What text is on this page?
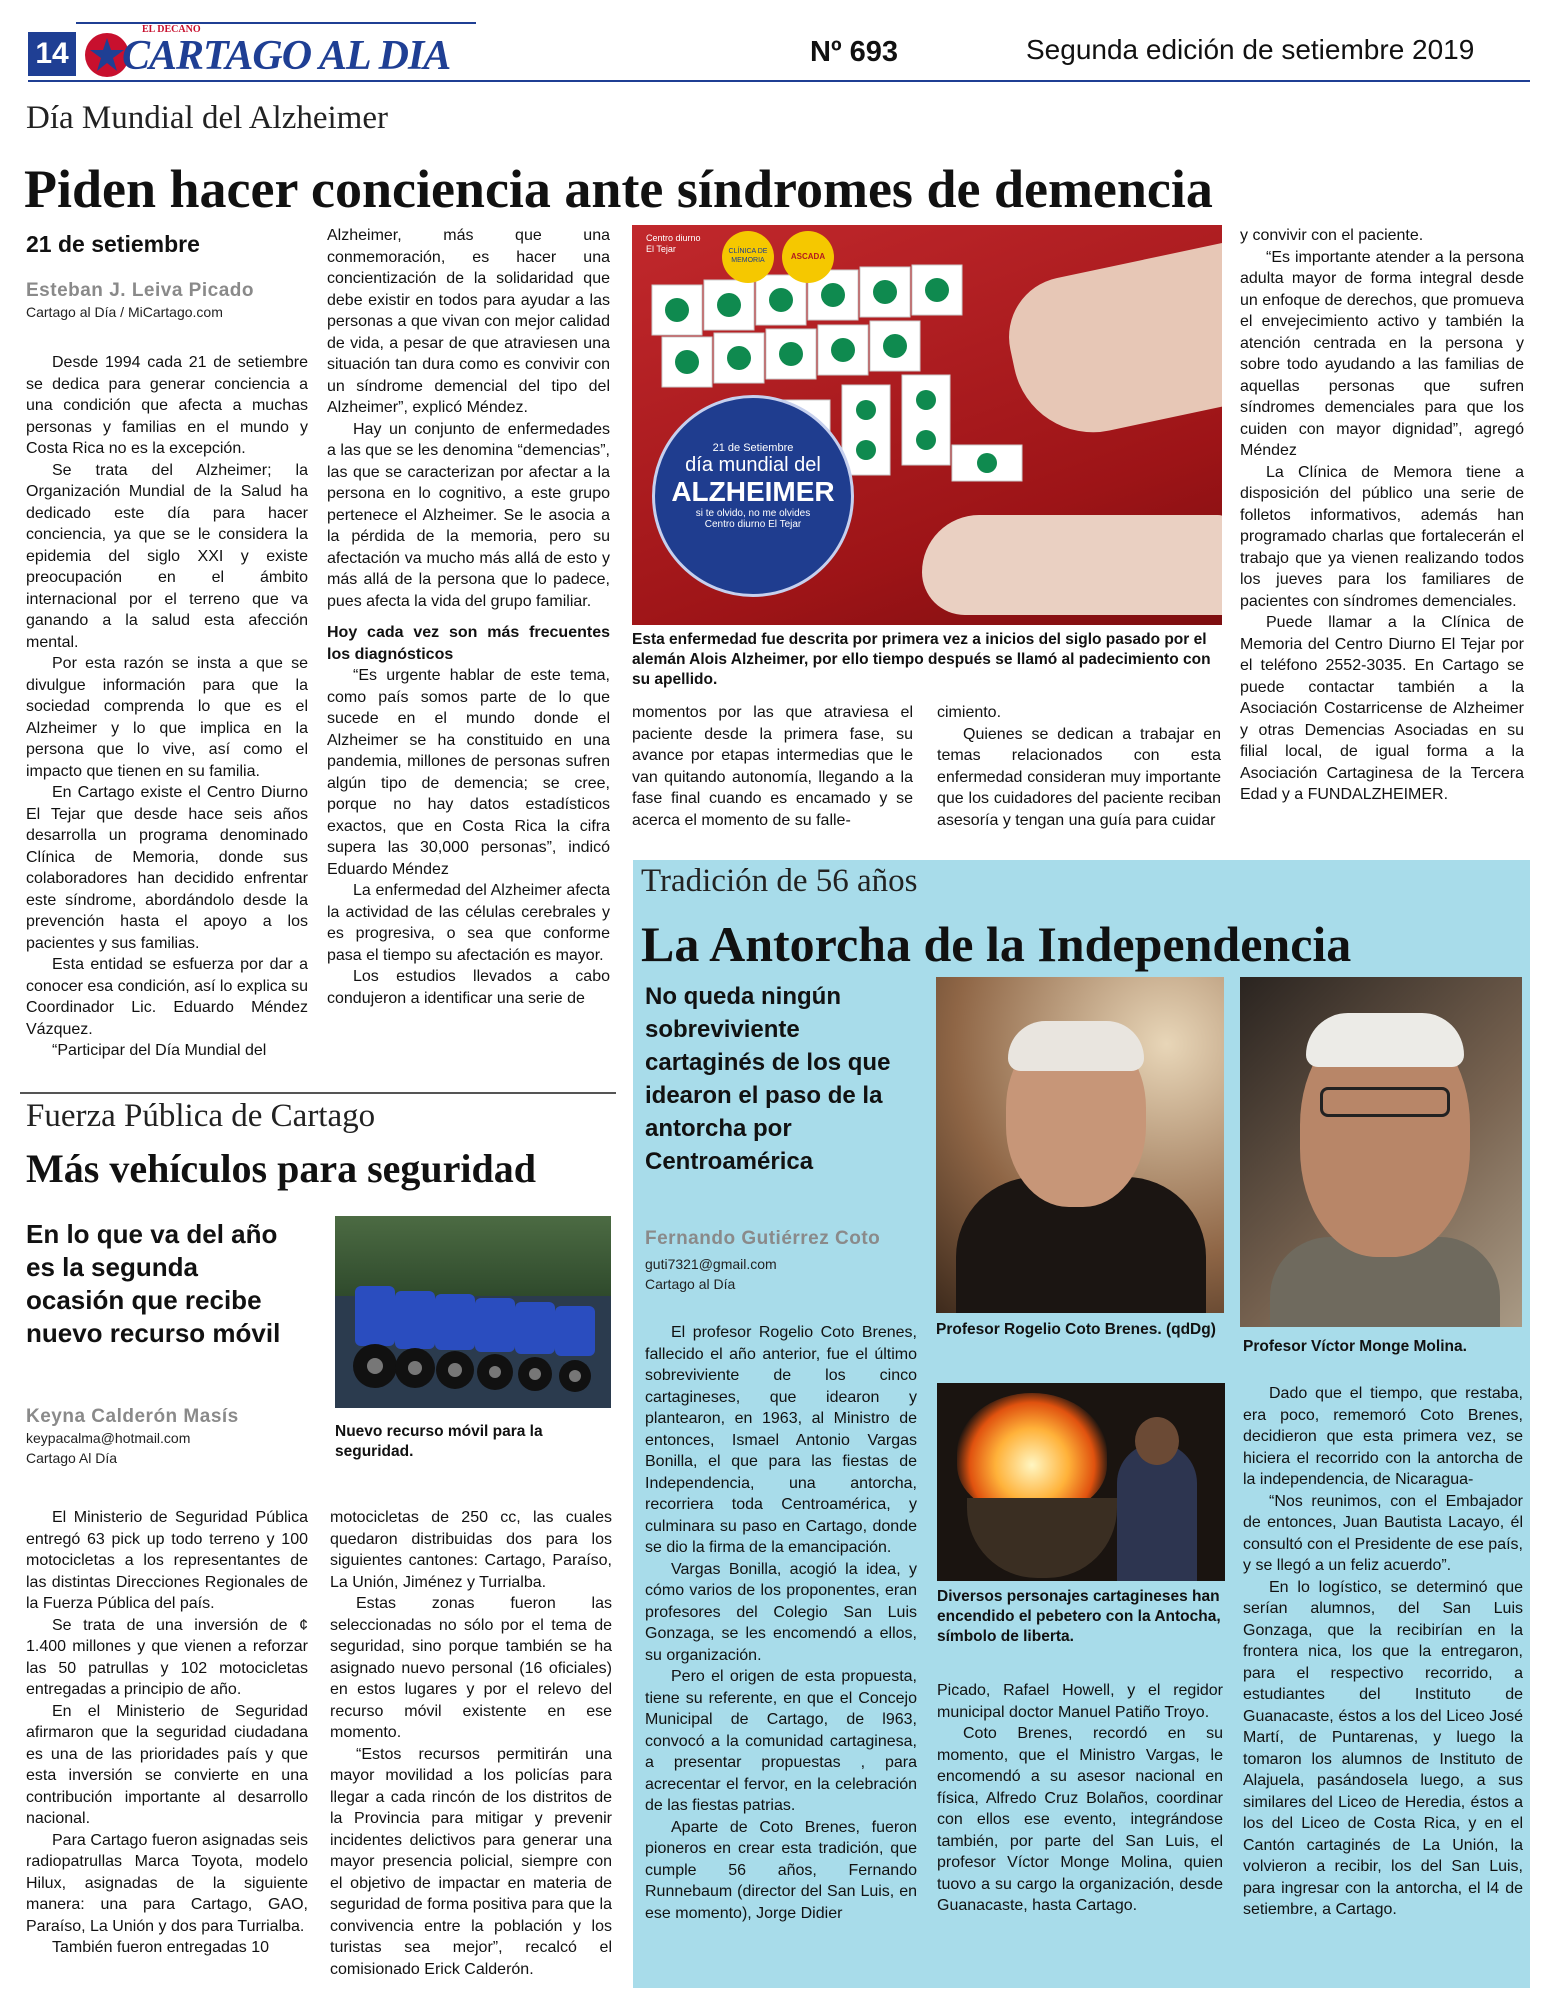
14
EL DECANO
CARTAGO AL DIA	Nº 693	Segunda edición de setiembre 2019
Día Mundial del Alzheimer
Piden hacer conciencia ante síndromes de demencia
21 de setiembre
Esteban J. Leiva Picado
Cartago al Día / MiCartago.com

Desde 1994 cada 21 de setiembre se dedica para generar conciencia a una condición que afecta a muchas personas y familias en el mundo y Costa Rica no es la excepción.

Se trata del Alzheimer; la Organización Mundial de la Salud ha dedicado este día para hacer conciencia, ya que se le considera la epidemia del siglo XXI y existe preocupación en el ámbito internacional por el terreno que va ganando a la salud esta afección mental.

Por esta razón se insta a que se divulgue información para que la sociedad comprenda lo que es el Alzheimer y lo que implica en la persona que lo vive, así como el impacto que tienen en su familia.

En Cartago existe el Centro Diurno El Tejar que desde hace seis años desarrolla un programa denominado Clínica de Memoria, donde sus colaboradores han decidido enfrentar este síndrome, abordándolo desde la prevención hasta el apoyo a los pacientes y sus familias.

Esta entidad se esfuerza por dar a conocer esa condición, así lo explica su Coordinador Lic. Eduardo Méndez Vázquez.

“Participar del Día Mundial del

Alzheimer, más que una conmemoración, es hacer una concientización de la solidaridad que debe existir en todos para ayudar a las personas a que vivan con mejor calidad de vida, a pesar de que atraviesen una situación tan dura como es convivir con un síndrome demencial del tipo del Alzheimer”, explicó Méndez.

Hay un conjunto de enfermedades a las que se les denomina “demencias”, las que se caracterizan por afectar a la persona en lo cognitivo, a este grupo pertenece el Alzheimer. Se le asocia a la pérdida de la memoria, pero su afectación va mucho más allá de esto y más allá de la persona que lo padece, pues afecta la vida del grupo familiar.

Hoy cada vez son más frecuentes los diagnósticos

“Es urgente hablar de este tema, como país somos parte de lo que sucede en el mundo donde el Alzheimer se ha constituido en una pandemia, millones de personas sufren algún tipo de demencia; se cree, porque no hay datos estadísticos exactos, que en Costa Rica la cifra supera las 30,000 personas”, indicó Eduardo Méndez

La enfermedad del Alzheimer afecta la actividad de las células cerebrales y es progresiva, o sea que conforme pasa el tiempo su afectación es mayor.

Los estudios llevados a cabo condujeron a identificar una serie de

Centro diurno El Tejar	CLÍNICA DE MEMORIA	ASCADA
21 de Setiembre
día mundial del
ALZHEIMER
si te olvido, no me olvides
Centro diurno El Tejar
Esta enfermedad fue descrita por primera vez a inicios del siglo pasado por el alemán Alois Alzheimer, por ello tiempo después se llamó al padecimiento con su apellido.

momentos por las que atraviesa el paciente desde la primera fase, su avance por etapas intermedias que le van quitando autonomía, llegando a la fase final cuando es encamado y se acerca el momento de su falle-

cimiento.

Quienes se dedican a trabajar en temas relacionados con esta enfermedad consideran muy importante que los cuidadores del paciente reciban asesoría y tengan una guía para cuidar

y convivir con el paciente.

“Es importante atender a la persona adulta mayor de forma integral desde un enfoque de derechos, que promueva el envejecimiento activo y también la atención centrada en la persona y sobre todo ayudando a las familias de aquellas personas que sufren síndromes demenciales para que los cuiden con mayor dignidad”, agregó Méndez

La Clínica de Memora tiene a disposición del público una serie de folletos informativos, además han programado charlas que fortalecerán el trabajo que ya vienen realizando todos los jueves para los familiares de pacientes con síndromes demenciales.

Puede llamar a la Clínica de Memoria del Centro Diurno El Tejar por el teléfono 2552-3035. En Cartago se puede contactar también a la Asociación Costarricense de Alzheimer y otras Demencias Asociadas en su filial local, de igual forma a la Asociación Cartaginesa de la Tercera Edad y a FUNDALZHEIMER.

Fuerza Pública de Cartago
Más vehículos para seguridad
En lo que va del año es la segunda ocasión que recibe nuevo recurso móvil
Keyna Calderón Masís
keypacalma@hotmail.com
Cartago Al Día
Nuevo recurso móvil para la seguridad.

El Ministerio de Seguridad Pública entregó 63 pick up todo terreno y 100 motocicletas a los representantes de las distintas Direcciones Regionales de la Fuerza Pública del país.

Se trata de una inversión de ¢ 1.400 millones y que vienen a reforzar las 50 patrullas y 102 motocicletas entregadas a principio de año.

En el Ministerio de Seguridad afirmaron que la seguridad ciudadana es una de las prioridades país y que esta inversión se convierte en una contribución importante al desarrollo nacional.

Para Cartago fueron asignadas seis radiopatrullas Marca Toyota, modelo Hilux, asignadas de la siguiente manera: una para Cartago, GAO, Paraíso, La Unión y dos para Turrialba.

También fueron entregadas 10

motocicletas de 250 cc, las cuales quedaron distribuidas dos para los siguientes cantones: Cartago, Paraíso, La Unión, Jiménez y Turrialba.

Estas zonas fueron las seleccionadas no sólo por el tema de seguridad, sino porque también se ha asignado nuevo personal (16 oficiales) en estos lugares y por el relevo del recurso móvil existente en ese momento.

“Estos recursos permitirán una mayor movilidad a los policías para llegar a cada rincón de los distritos de la Provincia para mitigar y prevenir incidentes delictivos para generar una mayor presencia policial, siempre con el objetivo de impactar en materia de seguridad de forma positiva para que la convivencia entre la población y los turistas sea mejor”, recalcó el comisionado Erick Calderón.

Tradición de 56 años
La Antorcha de la Independencia
No queda ningún sobreviviente cartaginés de los que idearon el paso de la antorcha por Centroamérica
Fernando Gutiérrez Coto
guti7321@gmail.com
Cartago al Día
Profesor Rogelio Coto Brenes. (qdDg)
Profesor Víctor Monge Molina.
Diversos personajes cartagineses han encendido el pebetero con la Antocha, símbolo de liberta.

El profesor Rogelio Coto Brenes, fallecido el año anterior, fue el último sobreviviente de los cinco cartagineses, que idearon y plantearon, en 1963, al Ministro de entonces, Ismael Antonio Vargas Bonilla, el que para las fiestas de Independencia, una antorcha, recorriera toda Centroamérica, y culminara su paso en Cartago, donde se dio la firma de la emancipación.

Vargas Bonilla, acogió la idea, y cómo varios de los proponentes, eran profesores del Colegio San Luis Gonzaga, se les encomendó a ellos, su organización.

Pero el origen de esta propuesta, tiene su referente, en que el Concejo Municipal de Cartago, de l963, convocó a la comunidad cartaginesa, a presentar propuestas , para acrecentar el fervor, en la celebración de las fiestas patrias.

Aparte de Coto Brenes, fueron pioneros en crear esta tradición, que cumple 56 años, Fernando Runnebaum (director del San Luis, en ese momento), Jorge Didier

Picado, Rafael Howell, y el regidor municipal doctor Manuel Patiño Troyo.

Coto Brenes, recordó en su momento, que el Ministro Vargas, le encomendó a su asesor nacional en física, Alfredo Cruz Bolaños, coordinar con ellos ese evento, integrándose también, por parte del San Luis, el profesor Víctor Monge Molina, quien tuovo a su cargo la organización, desde Guanacaste, hasta Cartago.

Dado que el tiempo, que restaba, era poco, rememoró Coto Brenes, decidieron que esta primera vez, se hiciera el recorrido con la antorcha de la independencia, de Nicaragua-

“Nos reunimos, con el Embajador de entonces, Juan Bautista Lacayo, él consultó con el Presidente de ese país, y se llegó a un feliz acuerdo”.

En lo logístico, se determinó que serían alumnos, del San Luis Gonzaga, que la recibirían en la frontera nica, los que la entregaron, para el respectivo recorrido, a estudiantes del Instituto de Guanacaste, éstos a los del Liceo José Martí, de Puntarenas, y luego la tomaron los alumnos de Instituto de Alajuela, pasándosela luego, a sus similares del Liceo de Heredia, éstos a los del Liceo de Costa Rica, y en el Cantón cartaginés de La Unión, la volvieron a recibir, los del San Luis, para ingresar con la antorcha, el l4 de setiembre, a Cartago.
